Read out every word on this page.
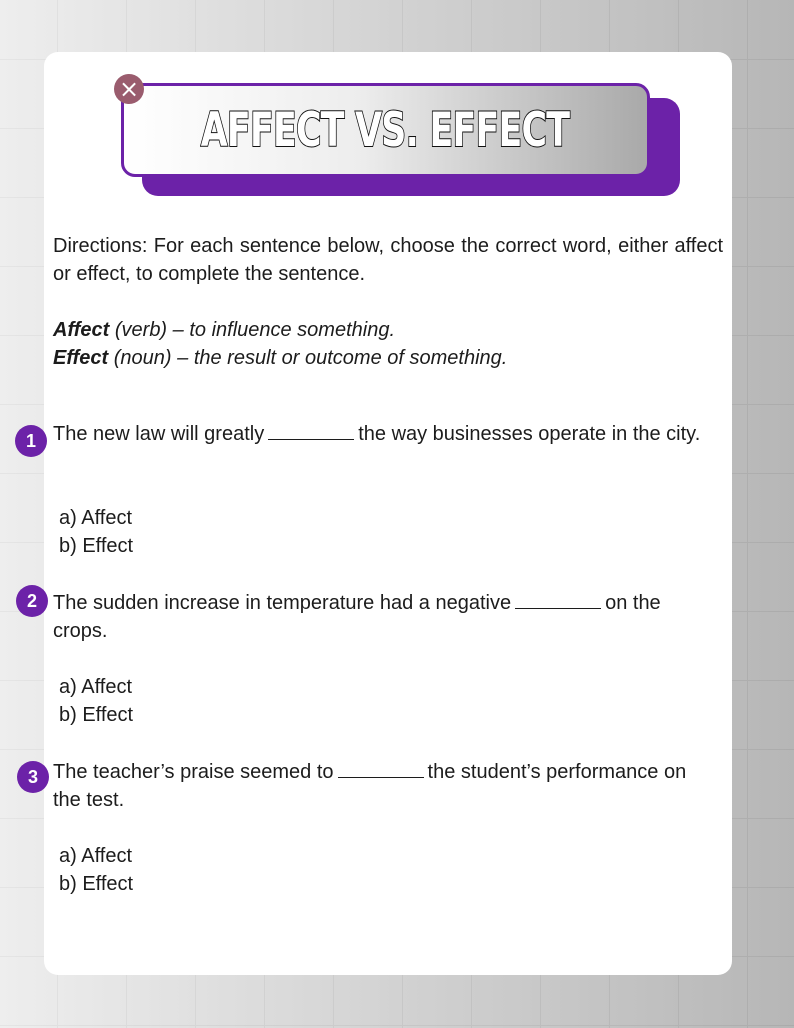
AFFECT VS. EFFECT
×
Directions: For each sentence below, choose the correct word, either affect or effect, to complete the sentence.
Affect (verb) – to influence something.
Effect (noun) – the result or outcome of something.
1 The new law will greatly	the way businesses operate in the city.
a) Affect
b) Effect
2 The sudden increase in temperature had a negative	on the crops.
a) Affect
b) Effect
3 The teacher’s praise seemed to	the student’s performance on the test.
a) Affect
b) Effect
